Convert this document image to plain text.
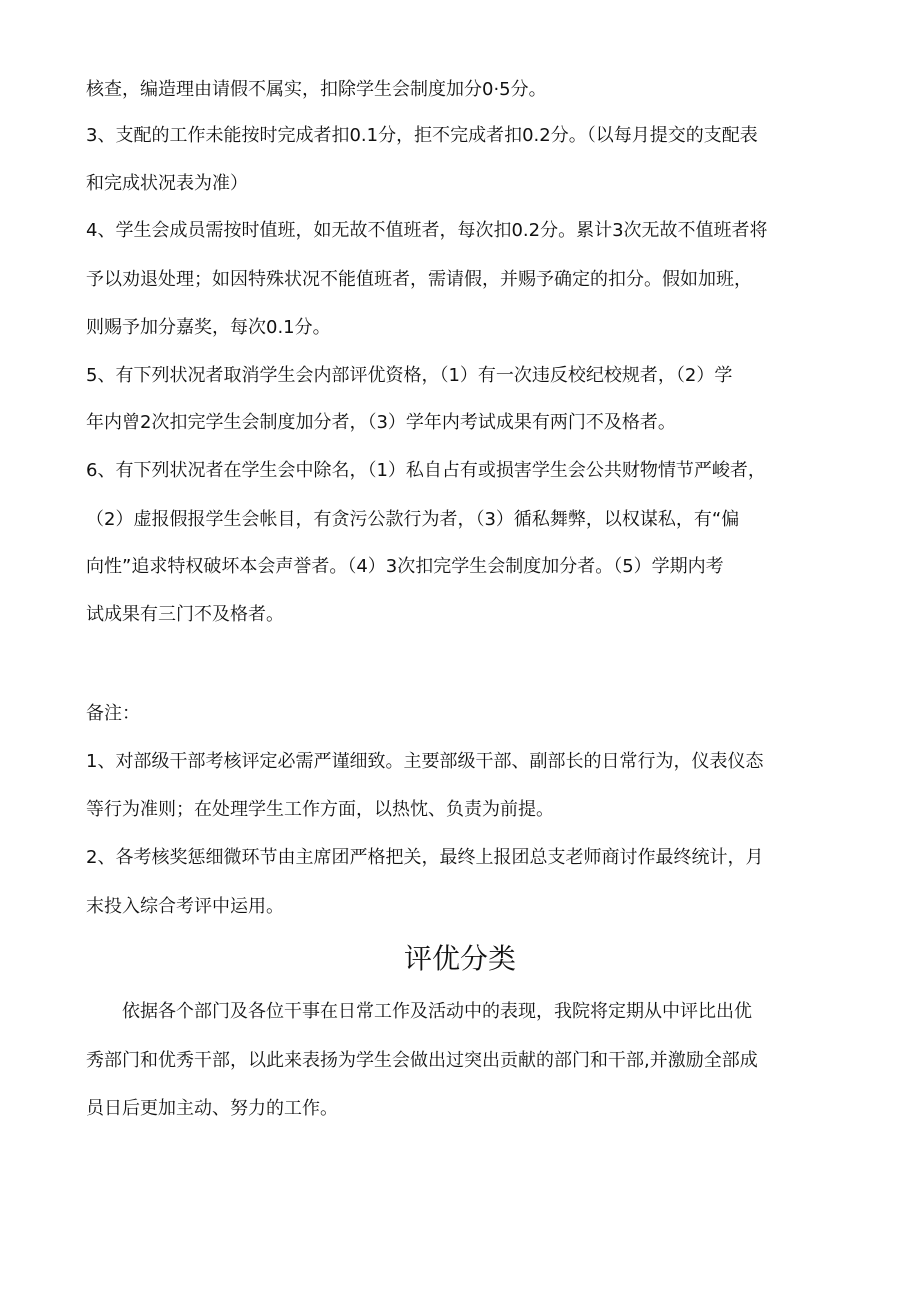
核查，编造理由请假不属实，扣除学生会制度加分0·5分。
3、支配的工作未能按时完成者扣0.1分，拒不完成者扣0.2分。（以每月提交的支配表
和完成状况表为准）
4、学生会成员需按时值班，如无故不值班者，每次扣0.2分。累计3次无故不值班者将
予以劝退处理；如因特殊状况不能值班者，需请假，并赐予确定的扣分。假如加班，
则赐予加分嘉奖，每次0.1分。
5、有下列状况者取消学生会内部评优资格，（1）有一次违反校纪校规者，（2）学
年内曾2次扣完学生会制度加分者，（3）学年内考试成果有两门不及格者。
6、有下列状况者在学生会中除名，（1）私自占有或损害学生会公共财物情节严峻者，
（2）虚报假报学生会帐目，有贪污公款行为者，（3）循私舞弊，以权谋私，有“偏
向性”追求特权破坏本会声誉者。（4）3次扣完学生会制度加分者。（5）学期内考
试成果有三门不及格者。
备注：
1、对部级干部考核评定必需严谨细致。主要部级干部、副部长的日常行为，仪表仪态
等行为准则；在处理学生工作方面，以热忱、负责为前提。
2、各考核奖惩细微环节由主席团严格把关，最终上报团总支老师商讨作最终统计，月
末投入综合考评中运用。
评优分类
依据各个部门及各位干事在日常工作及活动中的表现，我院将定期从中评比出优
秀部门和优秀干部，以此来表扬为学生会做出过突出贡献的部门和干部,并激励全部成
员日后更加主动、努力的工作。
